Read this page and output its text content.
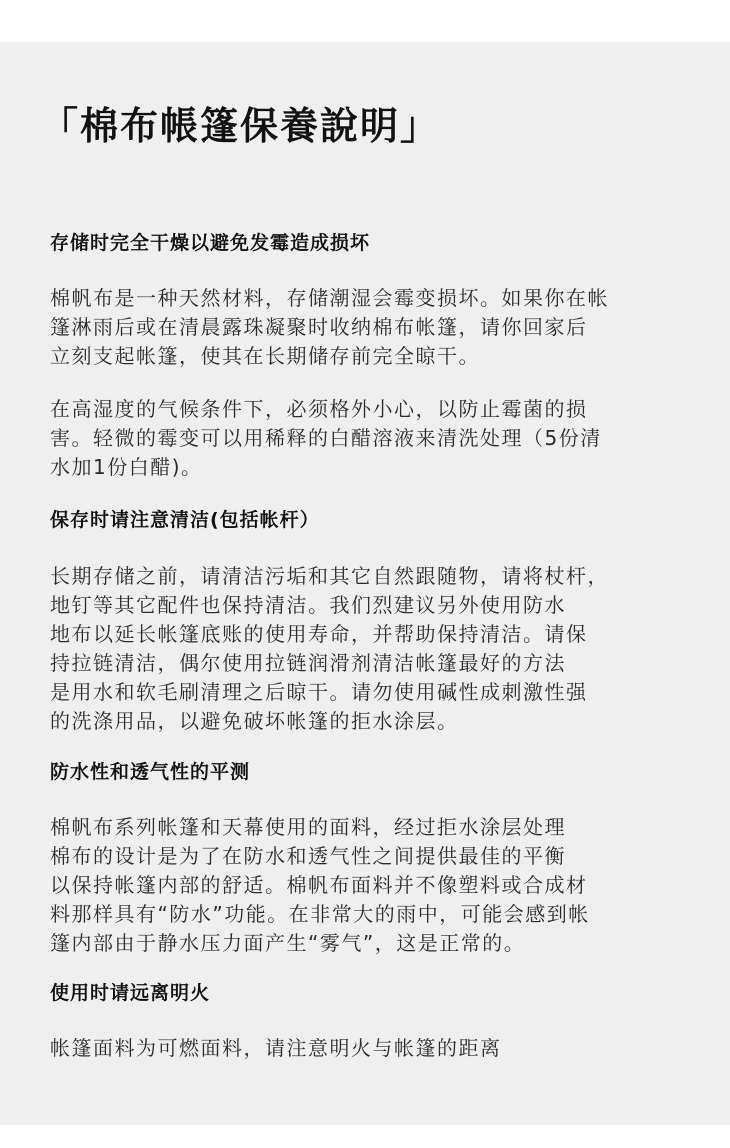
「棉布帳篷保養說明」
存储时完全干燥以避免发霉造成损坏

棉帆布是一种天然材料，存储潮湿会霉变损坏。如果你在帐
篷淋雨后或在清晨露珠凝聚时收纳棉布帐篷，请你回家后
立刻支起帐篷，使其在长期储存前完全晾干。

在高湿度的气候条件下，必须格外小心，以防止霉菌的损
害。轻微的霉变可以用稀释的白醋溶液来清洗处理（5份清
水加1份白醋)。

保存时请注意清洁(包括帐杆）

长期存储之前，请清洁污垢和其它自然跟随物，请将杖杆，
地钉等其它配件也保持清洁。我们烈建议另外使用防水
地布以延长帐篷底账的使用寿命，并帮助保持清洁。请保
持拉链清洁，偶尔使用拉链润滑剂清洁帐篷最好的方法
是用水和软毛刷清理之后晾干。请勿使用碱性成刺激性强
的洗涤用品，以避免破坏帐篷的拒水涂层。

防水性和透气性的平测

棉帆布系列帐篷和天幕使用的面料，经过拒水涂层处理
棉布的设计是为了在防水和透气性之间提供最佳的平衡
以保持帐篷内部的舒适。棉帆布面料并不像塑料或合成材
料那样具有“防水”功能。在非常大的雨中，可能会感到帐
篷内部由于静水压力面产生“雾气”，这是正常的。

使用时请远离明火

帐篷面料为可燃面料，请注意明火与帐篷的距离
